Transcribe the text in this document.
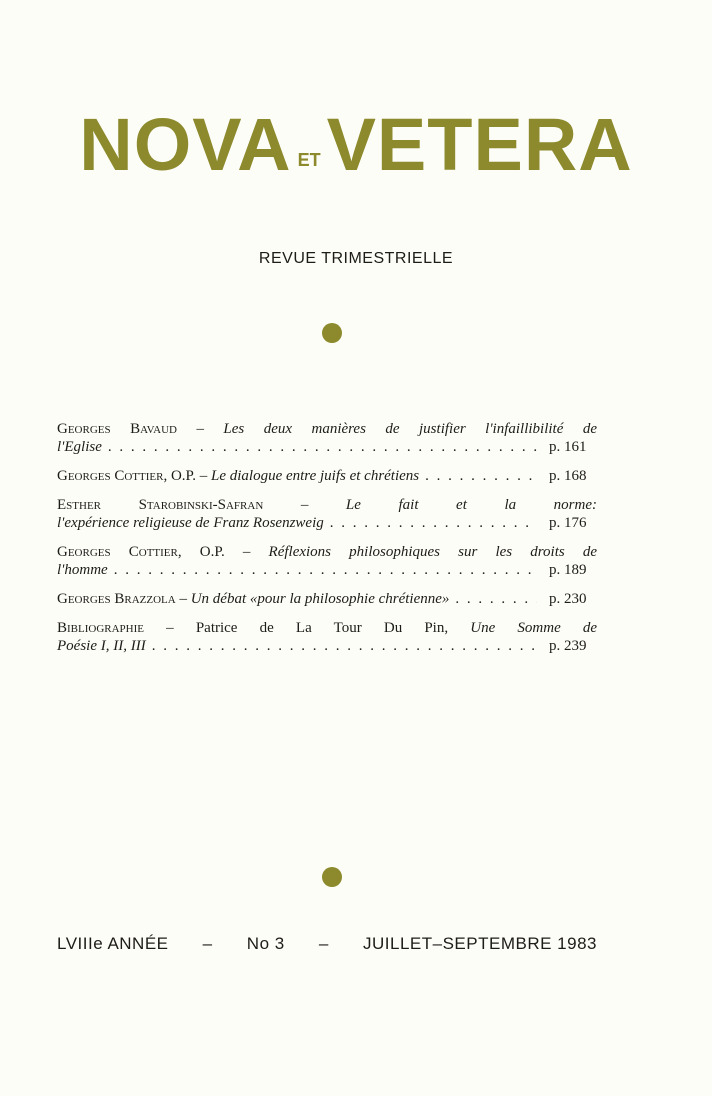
NOVA ETVETERA
REVUE TRIMESTRIELLE
Georges Bavaud – Les deux manières de justifier l'infaillibilité de
l'Eglise . . .	p. 161
Georges Cottier, O.P. – Le dialogue entre juifs et chrétiens . . .	p. 168
Esther Starobinski-Safran	–	Le fait et la norme:
l'expérience religieuse de Franz Rosenzweig . . .	p. 176
Georges Cottier, O.P. – Réflexions philosophiques sur les droits de
l'homme . . .	p. 189
Georges Brazzola – Un débat «pour la philosophie chrétienne» . . .	p. 230
Bibliographie – Patrice de La Tour Du Pin, Une Somme de
Poésie I, II, III . . .	p. 239
LVIIIe ANNÉE – No 3 – JUILLET–SEPTEMBRE 1983
